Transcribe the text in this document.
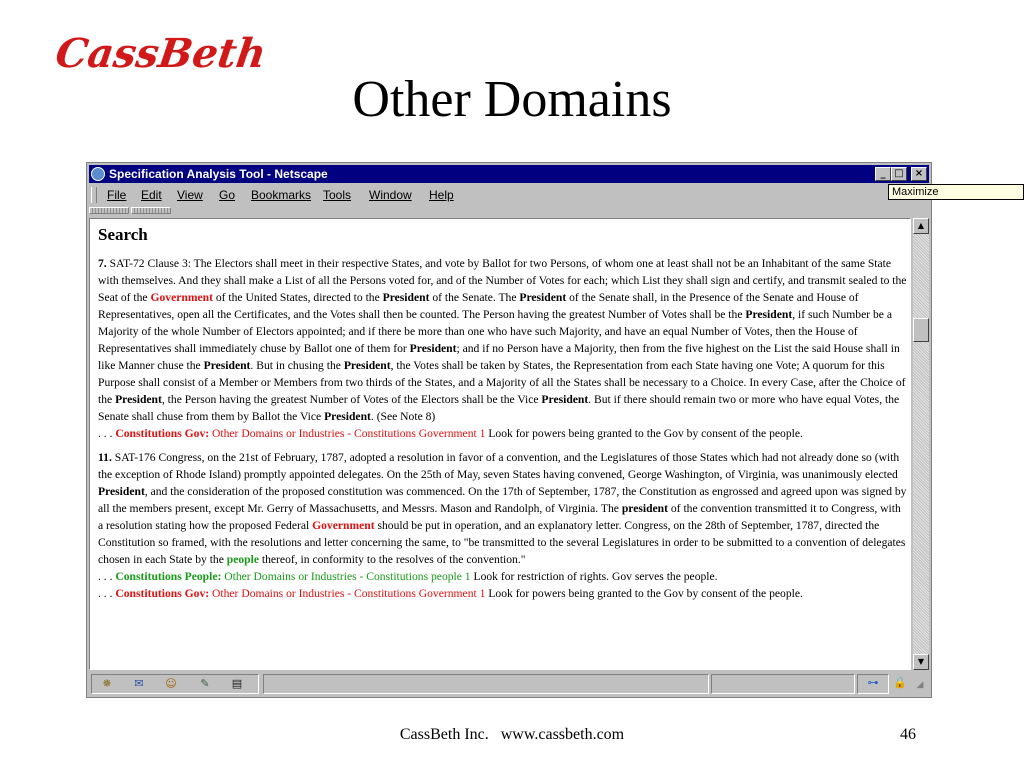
CassBeth
Other Domains
Specification Analysis Tool - Netscape	_ □	×
File Edit View Go Bookmarks Tools Window Help
Search

7. SAT-72 Clause 3: The Electors shall meet in their respective States, and vote by Ballot for two Persons, of whom one at least shall not be an Inhabitant of the same State with themselves. And they shall make a List of all the Persons voted for, and of the Number of Votes for each; which List they shall sign and certify, and transmit sealed to the Seat of the Government of the United States, directed to the President of the Senate. The President of the Senate shall, in the Presence of the Senate and House of Representatives, open all the Certificates, and the Votes shall then be counted. The Person having the greatest Number of Votes shall be the President, if such Number be a Majority of the whole Number of Electors appointed; and if there be more than one who have such Majority, and have an equal Number of Votes, then the House of Representatives shall immediately chuse by Ballot one of them for President; and if no Person have a Majority, then from the five highest on the List the said House shall in like Manner chuse the President. But in chusing the President, the Votes shall be taken by States, the Representation from each State having one Vote; A quorum for this Purpose shall consist of a Member or Members from two thirds of the States, and a Majority of all the States shall be necessary to a Choice. In every Case, after the Choice of the President, the Person having the greatest Number of Votes of the Electors shall be the Vice President. But if there should remain two or more who have equal Votes, the Senate shall chuse from them by Ballot the Vice President. (See Note 8)
. . . Constitutions Gov: Other Domains or Industries - Constitutions Government 1 Look for powers being granted to the Gov by consent of the people.

11. SAT-176 Congress, on the 21st of February, 1787, adopted a resolution in favor of a convention, and the Legislatures of those States which had not already done so (with the exception of Rhode Island) promptly appointed delegates. On the 25th of May, seven States having convened, George Washington, of Virginia, was unanimously elected President, and the consideration of the proposed constitution was commenced. On the 17th of September, 1787, the Constitution as engrossed and agreed upon was signed by all the members present, except Mr. Gerry of Massachusetts, and Messrs. Mason and Randolph, of Virginia. The president of the convention transmitted it to Congress, with a resolution stating how the proposed Federal Government should be put in operation, and an explanatory letter. Congress, on the 28th of September, 1787, directed the Constitution so framed, with the resolutions and letter concerning the same, to "be transmitted to the several Legislatures in order to be submitted to a convention of delegates chosen in each State by the people thereof, in conformity to the resolves of the convention."
. . . Constitutions People: Other Domains or Industries - Constitutions people 1 Look for restriction of rights. Gov serves the people.
. . . Constitutions Gov: Other Domains or Industries - Constitutions Government 1 Look for powers being granted to the Gov by consent of the people.

▲
▼
✵	✉	☺	✎	▤	⊶	🔒	◢
Maximize
CassBeth Inc.   www.cassbeth.com	46
